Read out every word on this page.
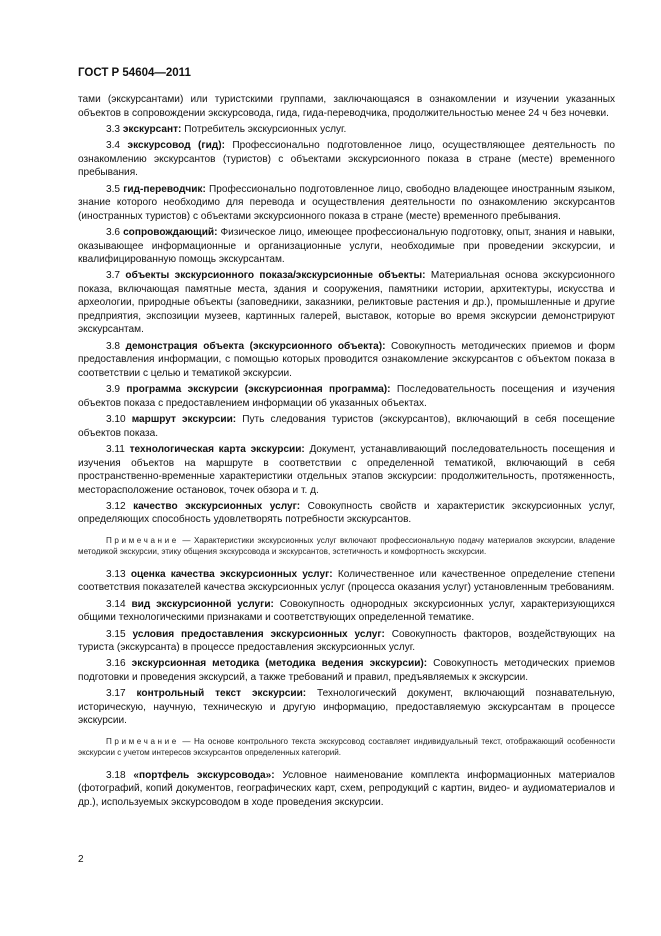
ГОСТ Р 54604—2011

тами (экскурсантами) или туристскими группами, заключающаяся в ознакомлении и изучении указанных объектов в сопровождении экскурсовода, гида, гида-переводчика, продолжительностью менее 24 ч без ночевки.

3.3 экскурсант: Потребитель экскурсионных услуг.

3.4 экскурсовод (гид): Профессионально подготовленное лицо, осуществляющее деятельность по ознакомлению экскурсантов (туристов) с объектами экскурсионного показа в стране (месте) временного пребывания.

3.5 гид-переводчик: Профессионально подготовленное лицо, свободно владеющее иностранным языком, знание которого необходимо для перевода и осуществления деятельности по ознакомлению экскурсантов (иностранных туристов) с объектами экскурсионного показа в стране (месте) временного пребывания.

3.6 сопровождающий: Физическое лицо, имеющее профессиональную подготовку, опыт, знания и навыки, оказывающее информационные и организационные услуги, необходимые при проведении экскурсии, и квалифицированную помощь экскурсантам.

3.7 объекты экскурсионного показа/экскурсионные объекты: Материальная основа экскурсионного показа, включающая памятные места, здания и сооружения, памятники истории, архитектуры, искусства и археологии, природные объекты (заповедники, заказники, реликтовые растения и др.), промышленные и другие предприятия, экспозиции музеев, картинных галерей, выставок, которые во время экскурсии демонстрируют экскурсантам.

3.8 демонстрация объекта (экскурсионного объекта): Совокупность методических приемов и форм предоставления информации, с помощью которых проводится ознакомление экскурсантов с объектом показа в соответствии с целью и тематикой экскурсии.

3.9 программа экскурсии (экскурсионная программа): Последовательность посещения и изучения объектов показа с предоставлением информации об указанных объектах.

3.10 маршрут экскурсии: Путь следования туристов (экскурсантов), включающий в себя посещение объектов показа.

3.11 технологическая карта экскурсии: Документ, устанавливающий последовательность посещения и изучения объектов на маршруте в соответствии с определенной тематикой, включающий в себя пространственно-временные характеристики отдельных этапов экскурсии: продолжительность, протяженность, месторасположение остановок, точек обзора и т. д.

3.12 качество экскурсионных услуг: Совокупность свойств и характеристик экскурсионных услуг, определяющих способность удовлетворять потребности экскурсантов.

Примечание — Характеристики экскурсионных услуг включают профессиональную подачу материалов экскурсии, владение методикой экскурсии, этику общения экскурсовода и экскурсантов, эстетичность и комфортность экскурсии.

3.13 оценка качества экскурсионных услуг: Количественное или качественное определение степени соответствия показателей качества экскурсионных услуг (процесса оказания услуг) установленным требованиям.

3.14 вид экскурсионной услуги: Совокупность однородных экскурсионных услуг, характеризующихся общими технологическими признаками и соответствующих определенной тематике.

3.15 условия предоставления экскурсионных услуг: Совокупность факторов, воздействующих на туриста (экскурсанта) в процессе предоставления экскурсионных услуг.

3.16 экскурсионная методика (методика ведения экскурсии): Совокупность методических приемов подготовки и проведения экскурсий, а также требований и правил, предъявляемых к экскурсии.

3.17 контрольный текст экскурсии: Технологический документ, включающий познавательную, историческую, научную, техническую и другую информацию, предоставляемую экскурсантам в процессе экскурсии.

Примечание — На основе контрольного текста экскурсовод составляет индивидуальный текст, отображающий особенности экскурсии с учетом интересов экскурсантов определенных категорий.

3.18 «портфель экскурсовода»: Условное наименование комплекта информационных материалов (фотографий, копий документов, географических карт, схем, репродукций с картин, видео- и аудиоматериалов и др.), используемых экскурсоводом в ходе проведения экскурсии.

2
